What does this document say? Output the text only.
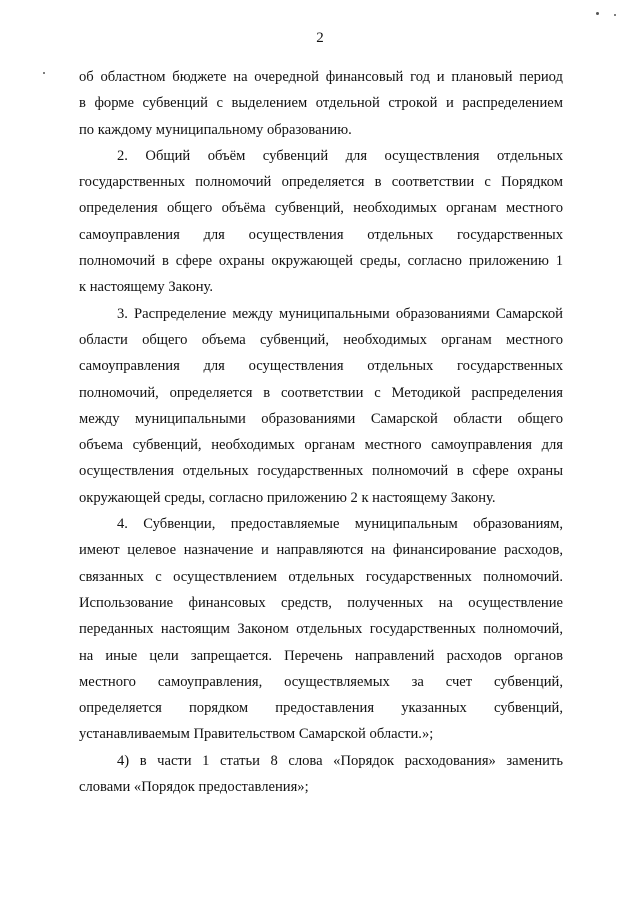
2

об областном бюджете на очередной финансовый год и плановый период
в форме субвенций с выделением отдельной строкой и распределением
по каждому муниципальному образованию.

2. Общий объём субвенций для осуществления отдельных
государственных полномочий определяется в соответствии с Порядком
определения общего объёма субвенций, необходимых органам местного
самоуправления для осуществления отдельных государственных
полномочий в сфере охраны окружающей среды, согласно приложению 1
к настоящему Закону.

3. Распределение между муниципальными образованиями Самарской
области общего объема субвенций, необходимых органам местного
самоуправления для осуществления отдельных государственных
полномочий, определяется в соответствии с Методикой распределения
между муниципальными образованиями Самарской области общего
объема субвенций, необходимых органам местного самоуправления для
осуществления отдельных государственных полномочий в сфере охраны
окружающей среды, согласно приложению 2 к настоящему Закону.

4. Субвенции, предоставляемые муниципальным образованиям,
имеют целевое назначение и направляются на финансирование расходов,
связанных с осуществлением отдельных государственных полномочий.
Использование финансовых средств, полученных на осуществление
переданных настоящим Законом отдельных государственных полномочий,
на иные цели запрещается. Перечень направлений расходов органов
местного самоуправления, осуществляемых за счет субвенций,
определяется порядком предоставления указанных субвенций,
устанавливаемым Правительством Самарской области.»;

4) в части 1 статьи 8 слова «Порядок расходования» заменить
словами «Порядок предоставления»;
